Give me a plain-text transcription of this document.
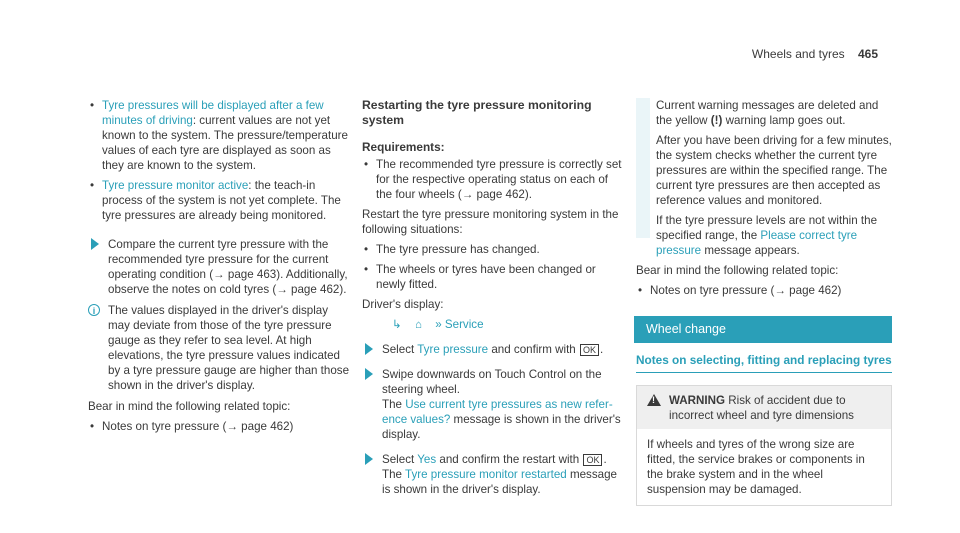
Wheels and tyres 465
• Tyre pressures will be displayed after a few minutes of driving: current values are not yet known to the system. The pressure/temperature values of each tyre are displayed as soon as they are known to the system.
• Tyre pressure monitor active: the teach-in process of the system is not yet complete. The tyre pressures are already being monitored.
Compare the current tyre pressure with the recommended tyre pressure for the current operating condition (→ page 463). Additionally, observe the notes on cold tyres (→ page 462).
i	The values displayed in the driver's display may deviate from those of the tyre pressure gauge as they refer to sea level. At high elevations, the tyre pressure values indicated by a tyre pressure gauge are higher than those shown in the driver's display.

Bear in mind the following related topic:

• Notes on tyre pressure (→ page 462)
Restarting the tyre pressure monitoring system
Requirements:
• The recommended tyre pressure is correctly set for the respective operating status on each of the four wheels (→ page 462).

Restart the tyre pressure monitoring system in the following situations:

• The tyre pressure has changed.
• The wheels or tyres have been changed or newly fitted.

Driver's display:

↳ ⌂ » Service
Select Tyre pressure and confirm with OK .
Swipe downwards on Touch Control on the steering wheel.
The Use current tyre pressures as new reference values? message is shown in the driver's display.
Select Yes and confirm the restart with OK .
The Tyre pressure monitor restarted message is shown in the driver's display.

Current warning messages are deleted and the yellow (!) warning lamp goes out.

After you have been driving for a few minutes, the system checks whether the current tyre pressures are within the specified range. The current tyre pressures are then accepted as reference values and monitored.

If the tyre pressure levels are not within the specified range, the Please correct tyre pressure message appears.

Bear in mind the following related topic:

• Notes on tyre pressure (→ page 462)
Wheel change
Notes on selecting, fitting and replacing tyres
!
WARNING Risk of accident due to incorrect wheel and tyre dimensions
If wheels and tyres of the wrong size are fitted, the service brakes or components in the brake system and in the wheel suspension may be damaged.
